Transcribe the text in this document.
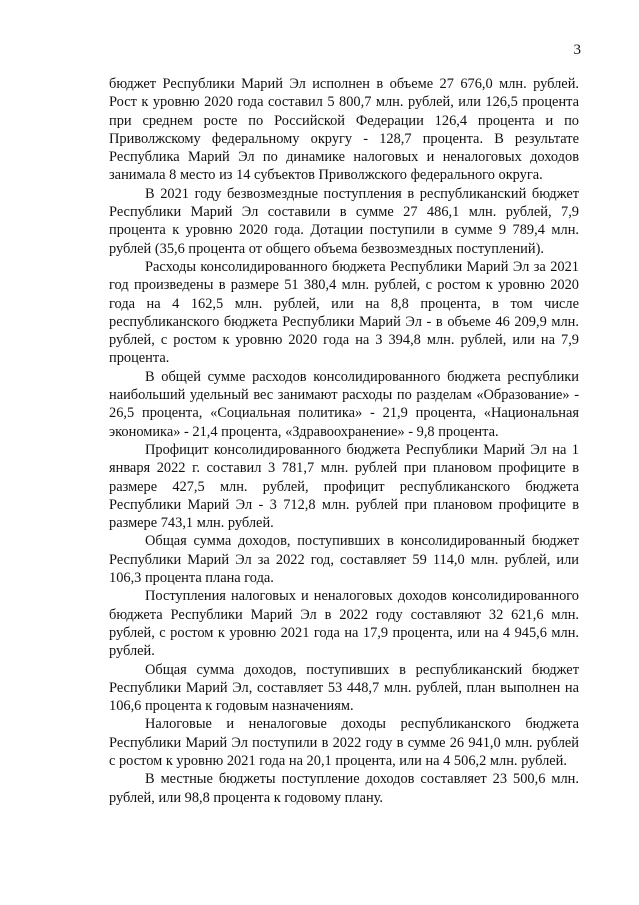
3

бюджет Республики Марий Эл исполнен в объеме 27 676,0 млн. рублей. Рост к уровню 2020 года составил 5 800,7 млн. рублей, или 126,5 процента при среднем росте по Российской Федерации 126,4 процента и по Приволжскому федеральному округу - 128,7 процента. В результате Республика Марий Эл по динамике налоговых и неналоговых доходов занимала 8 место из 14 субъектов Приволжского федерального округа.

В 2021 году безвозмездные поступления в республиканский бюджет Республики Марий Эл составили в сумме 27 486,1 млн. рублей, 7,9 процента к уровню 2020 года. Дотации поступили в сумме 9 789,4 млн. рублей (35,6 процента от общего объема безвозмездных поступлений).

Расходы консолидированного бюджета Республики Марий Эл за 2021 год произведены в размере 51 380,4 млн. рублей, с ростом к уровню 2020 года на 4 162,5 млн. рублей, или на 8,8 процента, в том числе республиканского бюджета Республики Марий Эл - в объеме 46 209,9 млн. рублей, с ростом к уровню 2020 года на 3 394,8 млн. рублей, или на 7,9 процента.

В общей сумме расходов консолидированного бюджета республики наибольший удельный вес занимают расходы по разделам «Образование» - 26,5 процента, «Социальная политика» - 21,9 процента, «Национальная экономика» - 21,4 процента, «Здравоохранение» - 9,8 процента.

Профицит консолидированного бюджета Республики Марий Эл на 1 января 2022 г. составил 3 781,7 млн. рублей при плановом профиците в размере 427,5 млн. рублей, профицит республиканского бюджета Республики Марий Эл - 3 712,8 млн. рублей при плановом профиците в размере 743,1 млн. рублей.

Общая сумма доходов, поступивших в консолидированный бюджет Республики Марий Эл за 2022 год, составляет 59 114,0 млн. рублей, или 106,3 процента плана года.

Поступления налоговых и неналоговых доходов консолидированного бюджета Республики Марий Эл в 2022 году составляют 32 621,6 млн. рублей, с ростом к уровню 2021 года на 17,9 процента, или на 4 945,6 млн. рублей.

Общая сумма доходов, поступивших в республиканский бюджет Республики Марий Эл, составляет 53 448,7 млн. рублей, план выполнен на 106,6 процента к годовым назначениям.

Налоговые и неналоговые доходы республиканского бюджета Республики Марий Эл поступили в 2022 году в сумме 26 941,0 млн. рублей с ростом к уровню 2021 года на 20,1 процента, или на 4 506,2 млн. рублей.

В местные бюджеты поступление доходов составляет 23 500,6 млн. рублей, или 98,8 процента к годовому плану.
